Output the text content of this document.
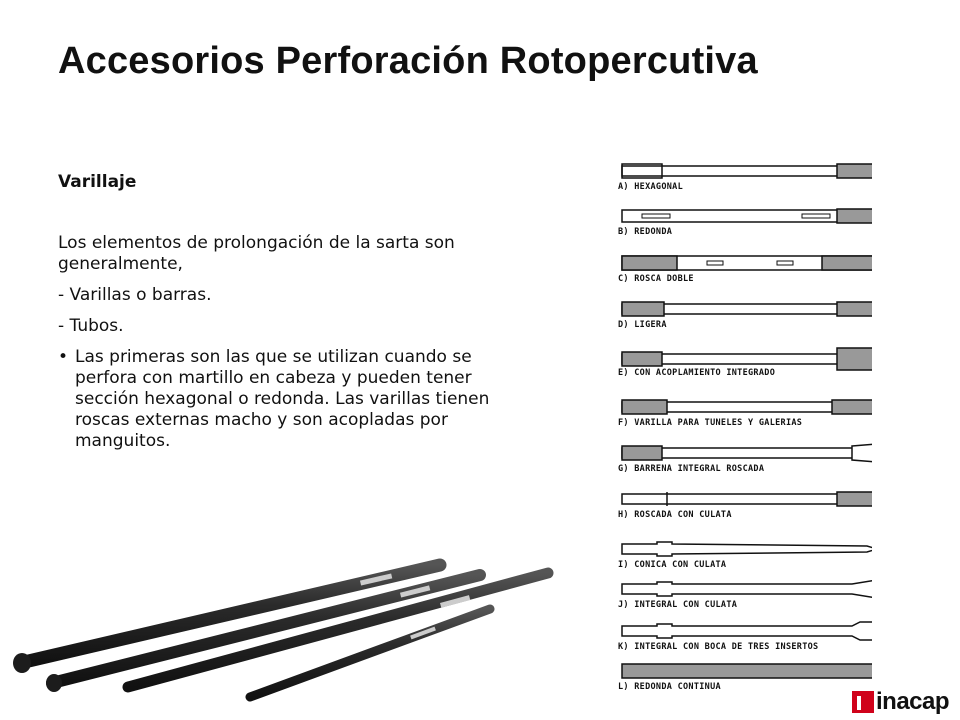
Accesorios Perforación Rotopercutiva

Varillaje

Los elementos de prolongación de la sarta son generalmente,

- Varillas o barras.

- Tubos.

• Las primeras son las que se utilizan cuando se perfora con martillo en cabeza y pueden tener sección hexagonal o redonda. Las varillas tienen roscas externas macho y son acopladas por manguitos.
A) HEXAGONAL
B) REDONDA
C) ROSCA DOBLE
D) LIGERA
E) CON ACOPLAMIENTO INTEGRADO
F) VARILLA PARA TUNELES Y GALERIAS
G) BARRENA INTEGRAL ROSCADA
H) ROSCADA CON CULATA
I) CONICA CON CULATA
J) INTEGRAL CON CULATA
K) INTEGRAL CON BOCA DE TRES INSERTOS
L) REDONDA CONTINUA
inacap
